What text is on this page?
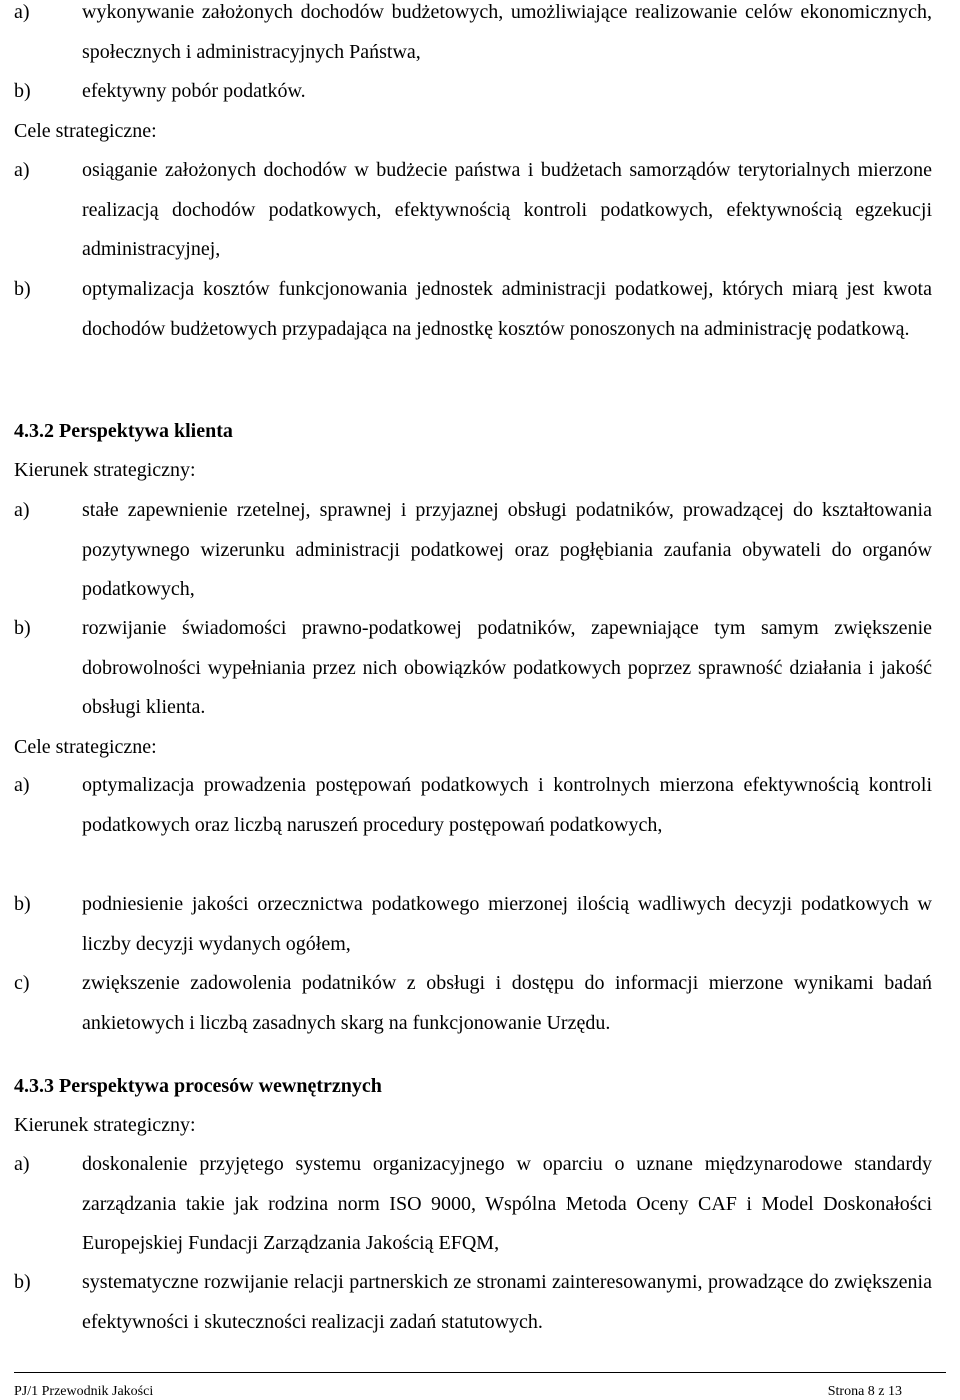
a)	wykonywanie założonych dochodów budżetowych, umożliwiające realizowanie celów ekonomicznych, społecznych i administracyjnych Państwa,
b)	efektywny pobór podatków.
Cele strategiczne:
a)	osiąganie założonych dochodów w budżecie państwa i budżetach samorządów terytorialnych mierzone realizacją dochodów podatkowych, efektywnością kontroli podatkowych, efektywnością egzekucji administracyjnej,
b)	optymalizacja kosztów funkcjonowania jednostek administracji podatkowej, których miarą jest kwota dochodów budżetowych przypadająca na jednostkę kosztów ponoszonych na administrację podatkową.
4.3.2 Perspektywa klienta
Kierunek strategiczny:
a)	stałe zapewnienie rzetelnej, sprawnej i przyjaznej obsługi podatników, prowadzącej do kształtowania pozytywnego wizerunku administracji podatkowej oraz pogłębiania zaufania obywateli do organów podatkowych,
b)	rozwijanie świadomości prawno-podatkowej podatników, zapewniające tym samym zwiększenie dobrowolności wypełniania przez nich obowiązków podatkowych poprzez sprawność działania i jakość obsługi klienta.
Cele strategiczne:
a)	optymalizacja prowadzenia postępowań podatkowych i kontrolnych mierzona efektywnością kontroli podatkowych oraz liczbą naruszeń procedury postępowań podatkowych,
b)	podniesienie jakości orzecznictwa podatkowego mierzonej ilością wadliwych decyzji podatkowych w liczby decyzji wydanych ogółem,
c)	zwiększenie zadowolenia podatników z obsługi i dostępu do informacji mierzone wynikami badań ankietowych i liczbą zasadnych skarg na funkcjonowanie Urzędu.
4.3.3 Perspektywa procesów wewnętrznych
Kierunek strategiczny:
a)	doskonalenie przyjętego systemu organizacyjnego w oparciu o uznane międzynarodowe standardy zarządzania takie jak rodzina norm ISO 9000, Wspólna Metoda Oceny CAF i Model Doskonałości Europejskiej Fundacji Zarządzania Jakością EFQM,
b)	systematyczne rozwijanie relacji partnerskich ze stronami zainteresowanymi, prowadzące do zwiększenia efektywności i skuteczności realizacji zadań statutowych.
PJ/1 Przewodnik Jakości	Strona 8 z 13
